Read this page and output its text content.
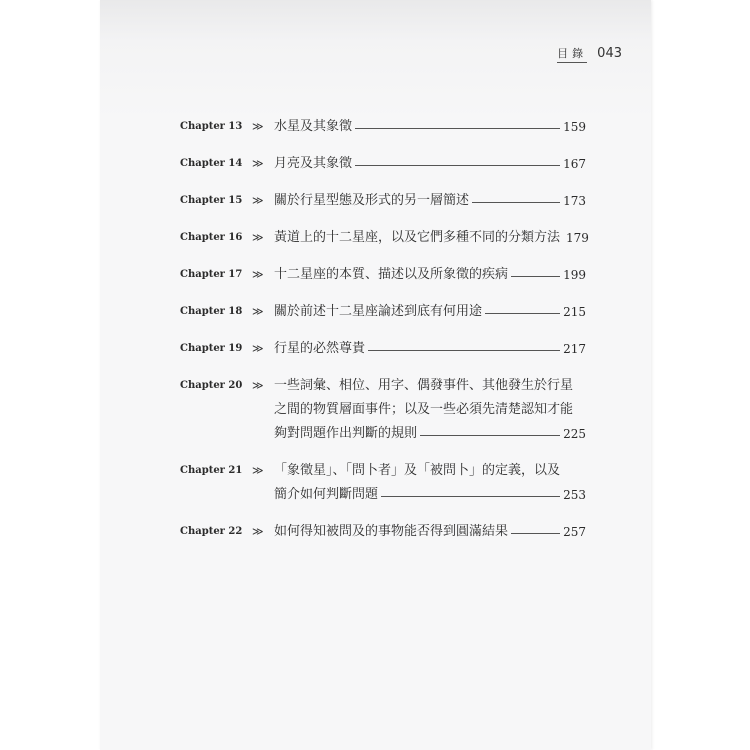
目錄 043
Chapter 13 ≫ 水星及其象徵	159
Chapter 14 ≫ 月亮及其象徵	167
Chapter 15 ≫ 關於行星型態及形式的另一層簡述	173
Chapter 16 ≫ 黃道上的十二星座，以及它們多種不同的分類方法 179
Chapter 17 ≫ 十二星座的本質、描述以及所象徵的疾病	199
Chapter 18 ≫ 關於前述十二星座論述到底有何用途	215
Chapter 19 ≫ 行星的必然尊貴	217
Chapter 20 ≫ 一些詞彙、相位、用字、偶發事件、其他發生於行星
之間的物質層面事件；以及一些必須先清楚認知才能
夠對問題作出判斷的規則	225
Chapter 21 ≫ 「象徵星」、「問卜者」及「被問卜」的定義，以及
簡介如何判斷問題	253
Chapter 22 ≫ 如何得知被問及的事物能否得到圓滿結果	257
